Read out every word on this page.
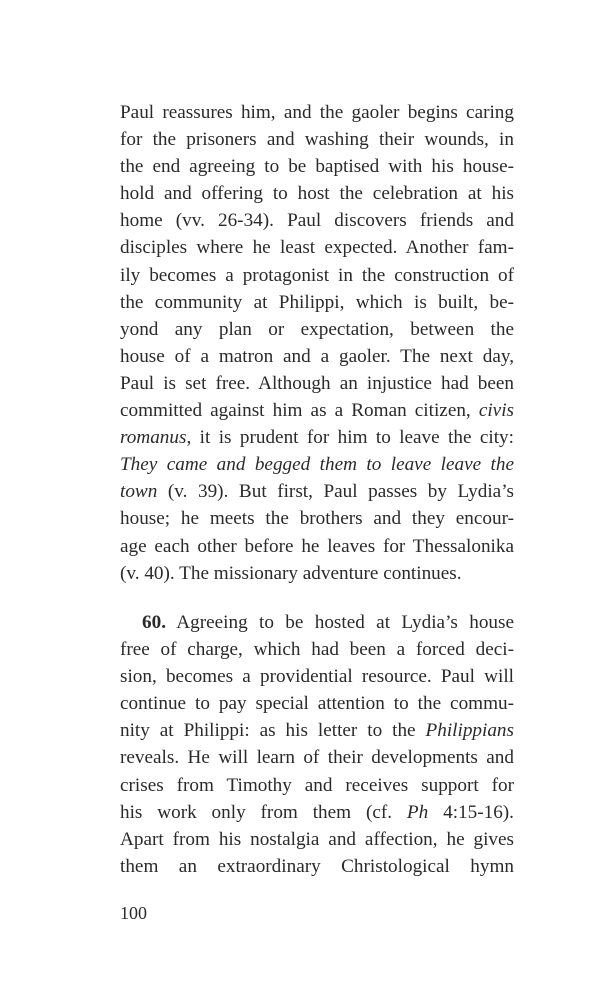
Paul reassures him, and the gaoler begins caring
for the prisoners and washing their wounds, in
the end agreeing to be baptised with his house-
hold and offering to host the celebration at his
home (vv. 26-34). Paul discovers friends and
disciples where he least expected. Another fam-
ily becomes a protagonist in the construction of
the community at Philippi, which is built, be-
yond any plan or expectation, between the
house of a matron and a gaoler. The next day,
Paul is set free. Although an injustice had been
committed against him as a Roman citizen, civis
romanus, it is prudent for him to leave the city:
They came and begged them to leave leave the
town (v. 39). But first, Paul passes by Lydia’s
house; he meets the brothers and they encour-
age each other before he leaves for Thessalonika
(v. 40). The missionary adventure continues.
60. Agreeing to be hosted at Lydia’s house
free of charge, which had been a forced deci-
sion, becomes a providential resource. Paul will
continue to pay special attention to the commu-
nity at Philippi: as his letter to the Philippians
reveals. He will learn of their developments and
crises from Timothy and receives support for
his work only from them (cf. Ph 4:15-16).
Apart from his nostalgia and affection, he gives
them an extraordinary Christological hymn
100
